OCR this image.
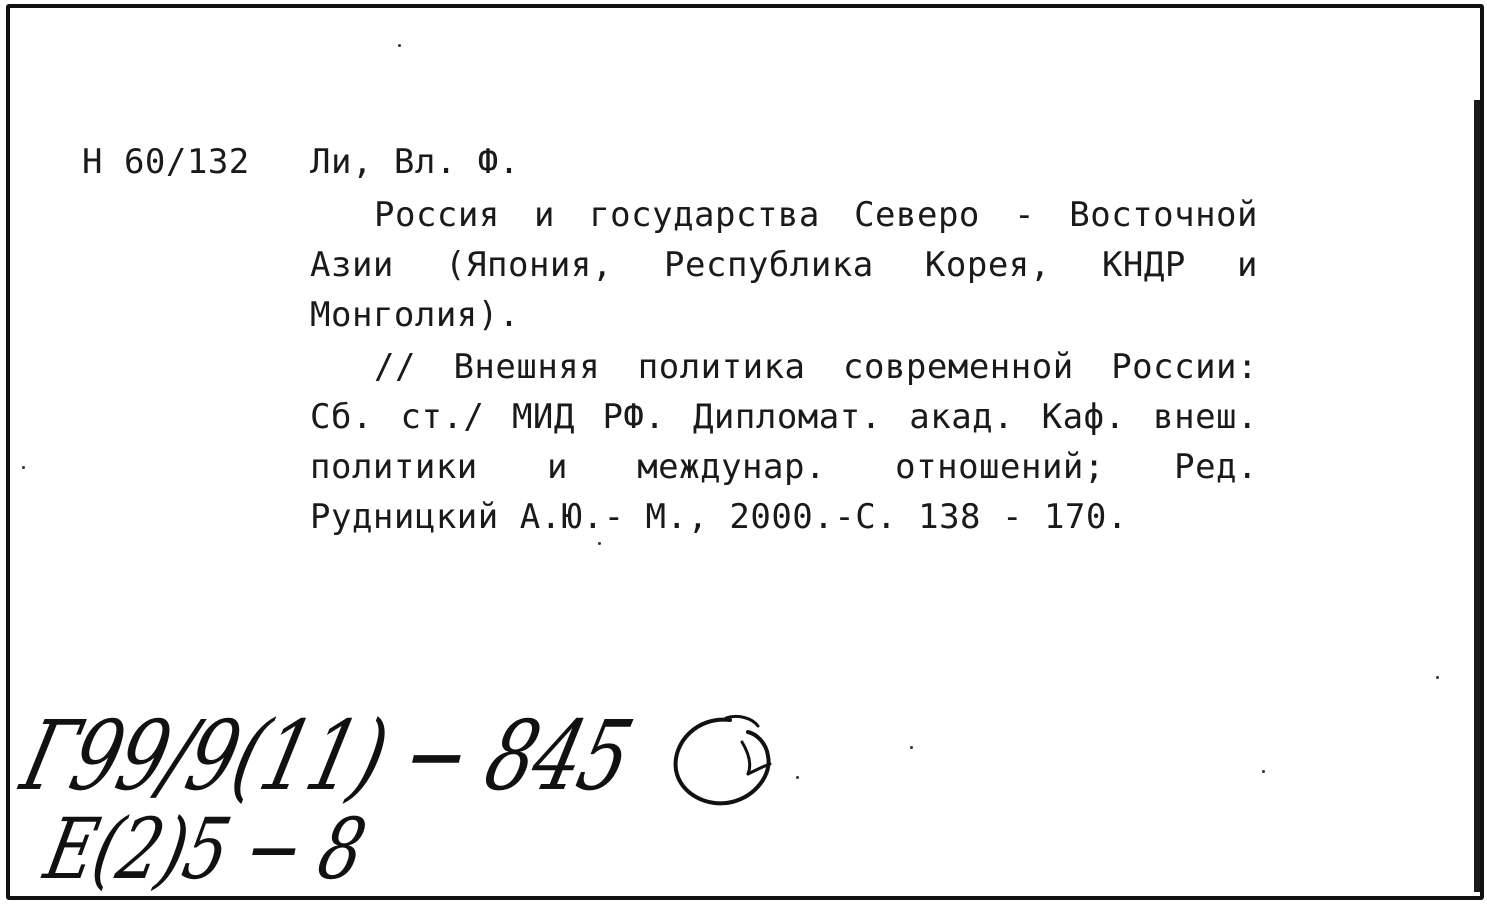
Н 60/132 Ли, Вл. Ф.
Россия и государства Северо - Восточной
Азии (Япония, Республика Корея, КНДР и
Монголия).
// Внешняя политика современной России:
Сб. ст./ МИД РФ. Дипломат. акад. Каф. внеш.
политики и междунар. отношений; Ред.
Рудницкий А.Ю.- М., 2000.-С. 138 - 170.
Г99/9(11) − 845
Е(2)5 − 8
